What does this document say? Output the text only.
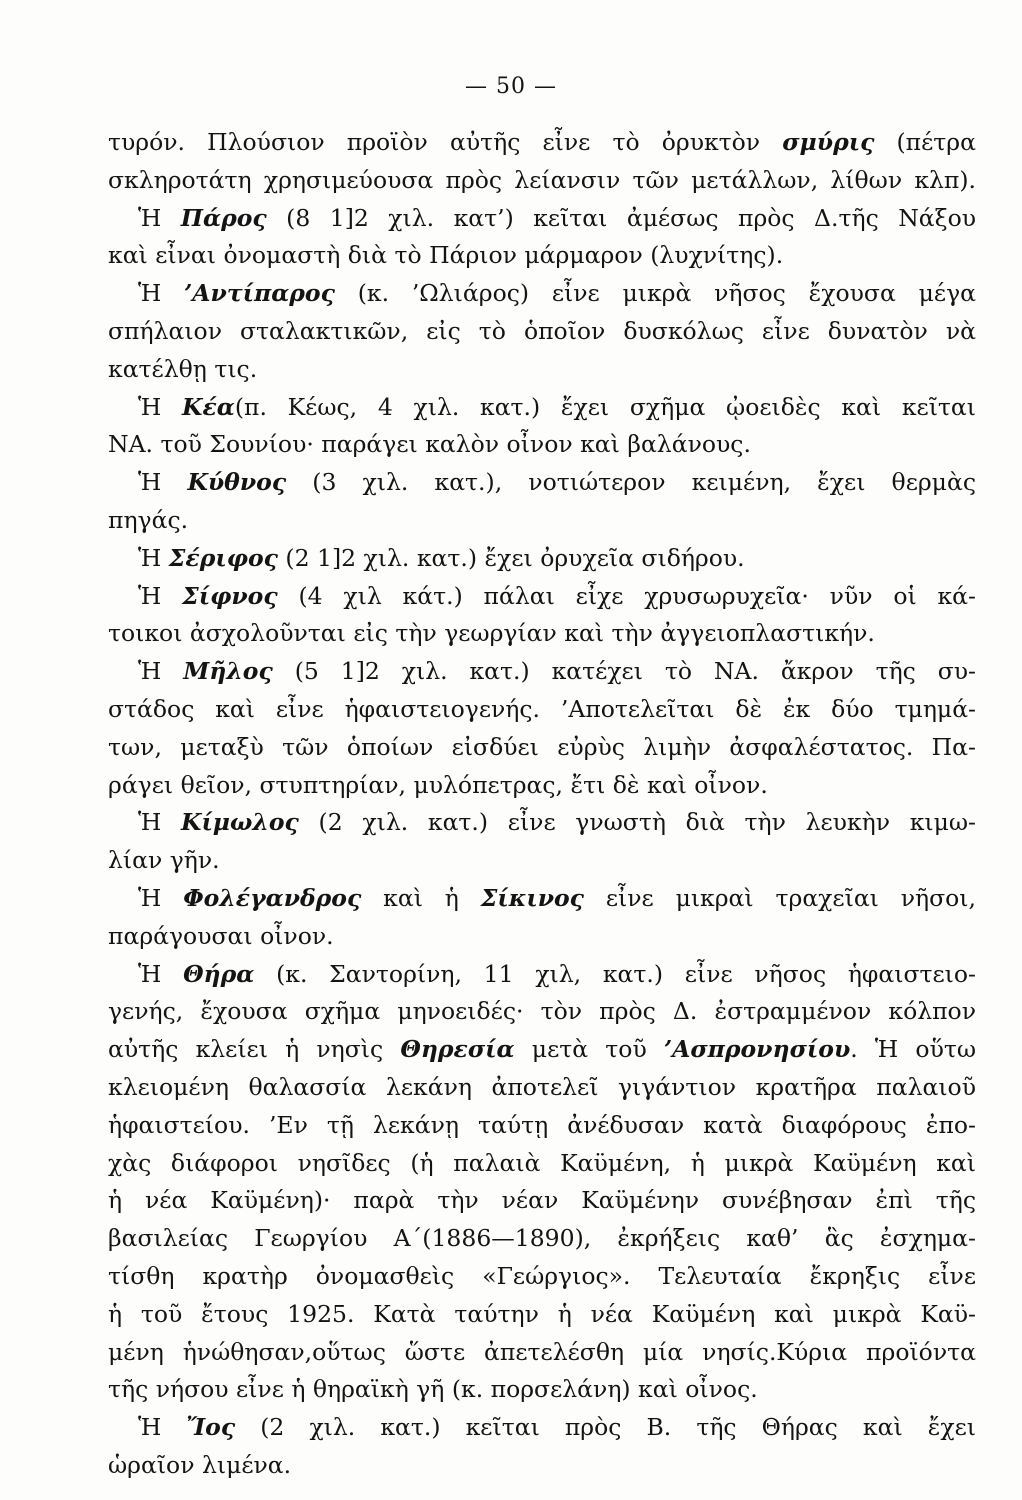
— 50 —
τυρόν. Πλούσιον προϊὸν αὐτῆς εἶνε τὸ ὀρυκτὸν σμύρις (πέτρα
σκληροτάτη χρησιμεύουσα πρὸς λείανσιν τῶν μετάλλων, λίθων κλπ).
Ἡ Πάρος (8 1]2 χιλ. κατ’) κεῖται ἀμέσως πρὸς Δ.τῆς Νάξου
καὶ εἶναι ὀνομαστὴ διὰ τὸ Πάριον μάρμαρον (λυχνίτης).
Ἡ ’Αντίπαρος (κ. ’Ωλιάρος) εἶνε μικρὰ νῆσος ἔχουσα μέγα
σπήλαιον σταλακτικῶν, εἰς τὸ ὁποῖον δυσκόλως εἶνε δυνατὸν νὰ
κατέλθῃ τις.
Ἡ Κέα(π. Κέως, 4 χιλ. κατ.) ἔχει σχῆμα ᾠοειδὲς καὶ κεῖται
ΝΑ. τοῦ Σουνίου· παράγει καλὸν οἶνον καὶ βαλάνους.
Ἡ Κύθνος (3 χιλ. κατ.), νοτιώτερον κειμένη, ἔχει θερμὰς
πηγάς.
Ἡ Σέριφος (2 1]2 χιλ. κατ.) ἔχει ὀρυχεῖα σιδήρου.
Ἡ Σίφνος (4 χιλ κάτ.) πάλαι εἶχε χρυσωρυχεῖα· νῦν οἱ κά-
τοικοι ἀσχολοῦνται εἰς τὴν γεωργίαν καὶ τὴν ἀγγειοπλαστικήν.
Ἡ Μῆλος (5 1]2 χιλ. κατ.) κατέχει τὸ ΝΑ. ἄκρον τῆς συ-
στάδος καὶ εἶνε ἡφαιστειογενής. ’Αποτελεῖται δὲ ἐκ δύο τμημά-
των, μεταξὺ τῶν ὁποίων εἰσδύει εὐρὺς λιμὴν ἀσφαλέστατος. Πα-
ράγει θεῖον, στυπτηρίαν, μυλόπετρας, ἔτι δὲ καὶ οἶνον.
Ἡ Κίμωλος (2 χιλ. κατ.) εἶνε γνωστὴ διὰ τὴν λευκὴν κιμω-
λίαν γῆν.
Ἡ Φολέγανδρος καὶ ἡ Σίκινος εἶνε μικραὶ τραχεῖαι νῆσοι,
παράγουσαι οἶνον.
Ἡ Θήρα (κ. Σαντορίνη, 11 χιλ, κατ.) εἶνε νῆσος ἡφαιστειο-
γενής, ἔχουσα σχῆμα μηνοειδές· τὸν πρὸς Δ. ἐστραμμένον κόλπον
αὐτῆς κλείει ἡ νησὶς Θηρεσία μετὰ τοῦ ’Ασπρονησίου. Ἡ οὕτω
κλειομένη θαλασσία λεκάνη ἀποτελεῖ γιγάντιον κρατῆρα παλαιοῦ
ἡφαιστείου. ’Εν τῇ λεκάνῃ ταύτῃ ἀνέδυσαν κατὰ διαφόρους ἐπο-
χὰς διάφοροι νησῖδες (ἡ παλαιὰ Καϋμένη, ἡ μικρὰ Καϋμένη καὶ
ἡ νέα Καϋμένη)· παρὰ τὴν νέαν Καϋμένην συνέβησαν ἐπὶ τῆς
βασιλείας Γεωργίου Α΄(1886—1890), ἐκρήξεις καθ’ ἃς ἐσχημα-
τίσθη κρατὴρ ὀνομασθεὶς «Γεώργιος». Τελευταία ἔκρηξις εἶνε
ἡ τοῦ ἔτους 1925. Κατὰ ταύτην ἡ νέα Καϋμένη καὶ μικρὰ Καϋ-
μένη ἡνώθησαν,οὕτως ὥστε ἀπετελέσθη μία νησίς.Κύρια προϊόντα
τῆς νήσου εἶνε ἡ θηραϊκὴ γῆ (κ. πορσελάνη) καὶ οἶνος.
Ἡ Ἴος (2 χιλ. κατ.) κεῖται πρὸς Β. τῆς Θήρας καὶ ἔχει
ὡραῖον λιμένα.
